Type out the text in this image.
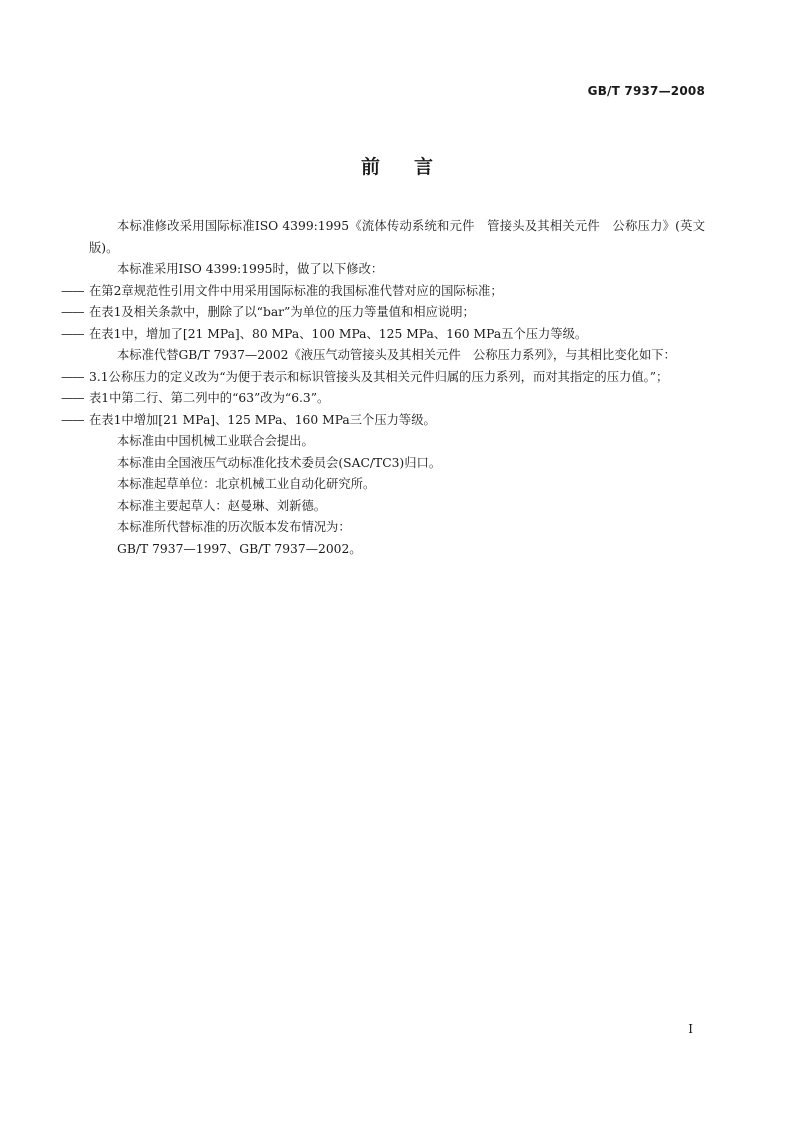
GB/T 7937—2008
前言

本标准修改采用国际标准ISO 4399:1995《流体传动系统和元件　管接头及其相关元件　公称压力》(英文版)。

本标准采用ISO 4399:1995时，做了以下修改：

—— 在第2章规范性引用文件中用采用国际标准的我国标准代替对应的国际标准；

—— 在表1及相关条款中，删除了以“bar”为单位的压力等量值和相应说明；

—— 在表1中，增加了[21 MPa]、80 MPa、100 MPa、125 MPa、160 MPa五个压力等级。

本标准代替GB/T 7937—2002《液压气动管接头及其相关元件　公称压力系列》，与其相比变化如下：

—— 3.1公称压力的定义改为“为便于表示和标识管接头及其相关元件归属的压力系列，而对其指定的压力值。”；

—— 表1中第二行、第二列中的“63”改为“6.3”。

—— 在表1中增加[21 MPa]、125 MPa、160 MPa三个压力等级。

本标准由中国机械工业联合会提出。

本标准由全国液压气动标准化技术委员会(SAC/TC3)归口。

本标准起草单位：北京机械工业自动化研究所。

本标准主要起草人：赵曼琳、刘新德。

本标准所代替标准的历次版本发布情况为：

GB/T 7937—1997、GB/T 7937—2002。

I
